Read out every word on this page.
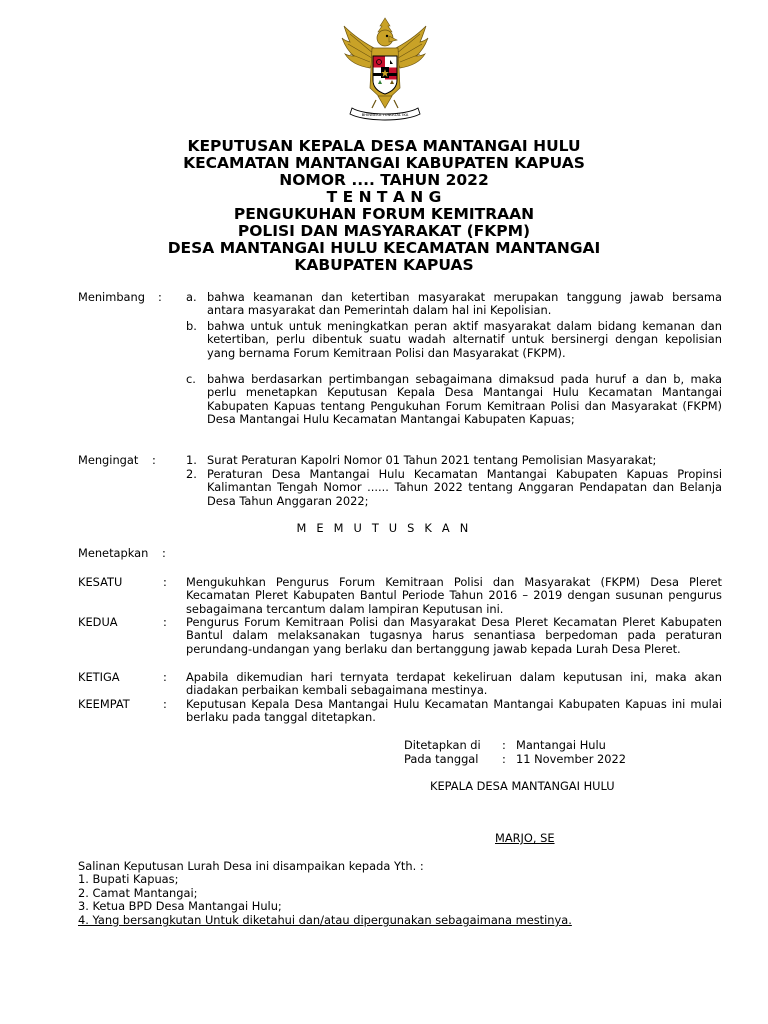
BHINNEKA TUNGGAL IKA
KEPUTUSAN KEPALA DESA MANTANGAI HULU
KECAMATAN MANTANGAI KABUPATEN KAPUAS
NOMOR .... TAHUN 2022
T E N T A N G
PENGUKUHAN FORUM KEMITRAAN
POLISI DAN MASYARAKAT (FKPM)
DESA MANTANGAI HULU KECAMATAN MANTANGAI
KABUPATEN KAPUAS
Menimbang : a. bahwa keamanan dan ketertiban masyarakat merupakan tanggung jawab bersama antara masyarakat dan Pemerintah dalam hal ini Kepolisian.
b. bahwa untuk untuk meningkatkan peran aktif masyarakat dalam bidang kemanan dan ketertiban, perlu dibentuk suatu wadah alternatif untuk bersinergi dengan kepolisian yang bernama Forum Kemitraan Polisi dan Masyarakat (FKPM).
c. bahwa berdasarkan pertimbangan sebagaimana dimaksud pada huruf a dan b, maka perlu menetapkan Keputusan Kepala Desa Mantangai Hulu Kecamatan Mantangai Kabupaten Kapuas tentang Pengukuhan Forum Kemitraan Polisi dan Masyarakat (FKPM) Desa Mantangai Hulu Kecamatan Mantangai Kabupaten Kapuas;
Mengingat :	1. Surat Peraturan Kapolri Nomor 01 Tahun 2021 tentang Pemolisian Masyarakat;
2. Peraturan Desa Mantangai Hulu Kecamatan Mantangai Kabupaten Kapuas Propinsi Kalimantan Tengah Nomor ...... Tahun 2022 tentang Anggaran Pendapatan dan Belanja Desa Tahun Anggaran 2022;
M E M U T U S K A N
Menetapkan :
KESATU	: Mengukuhkan Pengurus Forum Kemitraan Polisi dan Masyarakat (FKPM) Desa Pleret Kecamatan Pleret Kabupaten Bantul Periode Tahun 2016 – 2019 dengan susunan pengurus sebagaimana tercantum dalam lampiran Keputusan ini.
KEDUA	: Pengurus Forum Kemitraan Polisi dan Masyarakat Desa Pleret Kecamatan Pleret Kabupaten Bantul dalam melaksanakan tugasnya harus senantiasa berpedoman pada peraturan perundang-undangan yang berlaku dan bertanggung jawab kepada Lurah Desa Pleret.
KETIGA	: Apabila dikemudian hari ternyata terdapat kekeliruan dalam keputusan ini, maka akan diadakan perbaikan kembali sebagaimana mestinya.
KEEMPAT	: Keputusan Kepala Desa Mantangai Hulu Kecamatan Mantangai Kabupaten Kapuas ini mulai berlaku pada tanggal ditetapkan.
Ditetapkan di : Mantangai Hulu
Pada tanggal : 11 November 2022
KEPALA DESA MANTANGAI HULU
MARJO, SE
Salinan Keputusan Lurah Desa ini disampaikan kepada Yth. :
1. Bupati Kapuas;
2. Camat Mantangai;
3. Ketua BPD Desa Mantangai Hulu;
4. Yang bersangkutan Untuk diketahui dan/atau dipergunakan sebagaimana mestinya.
